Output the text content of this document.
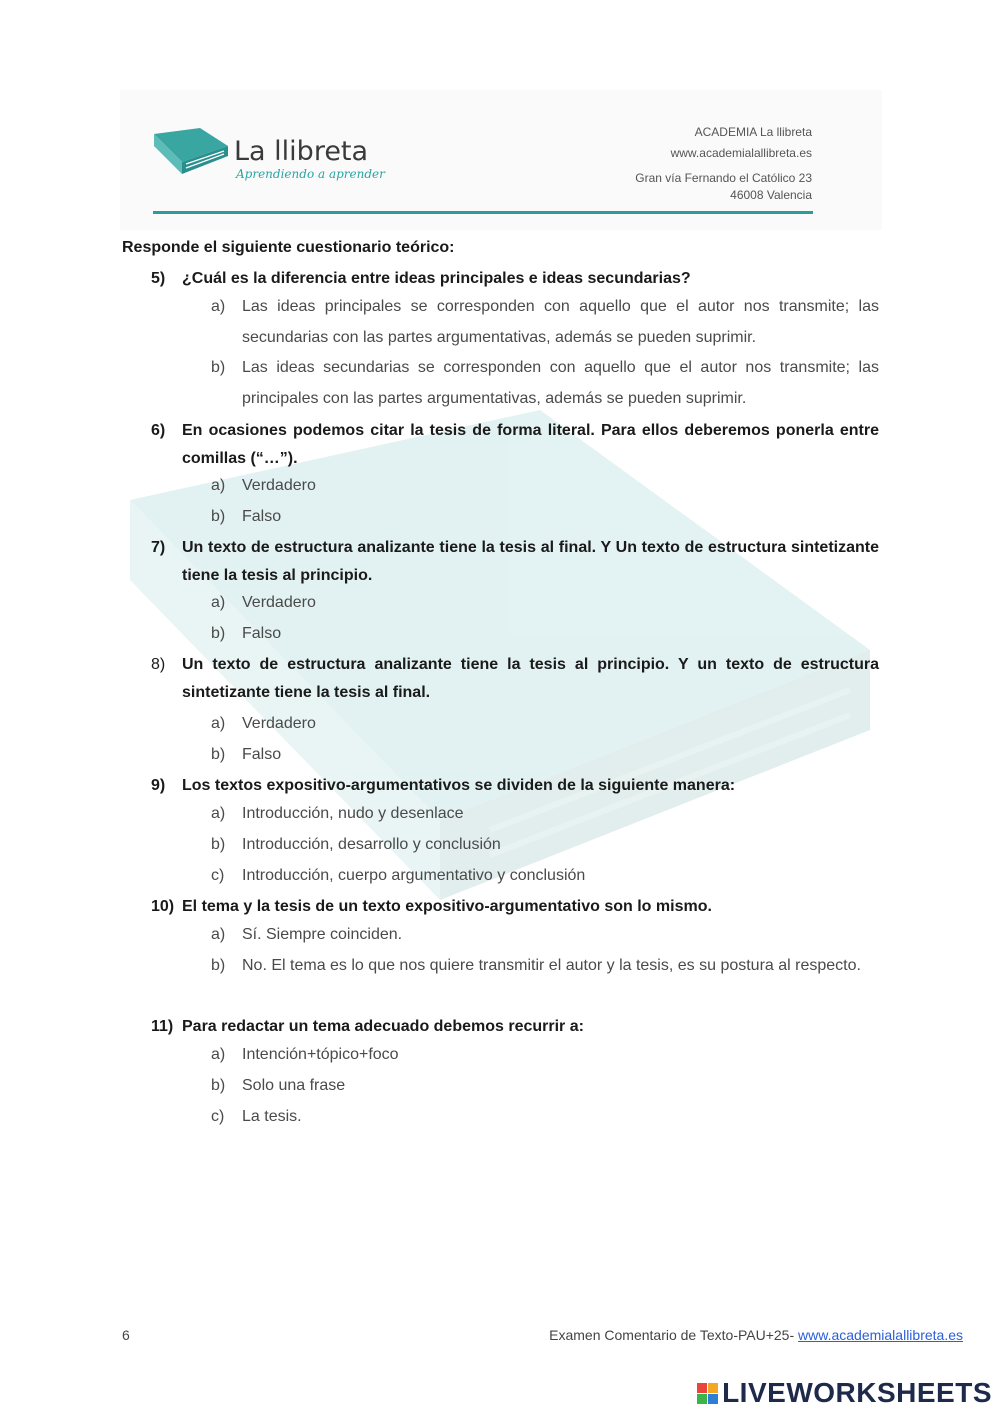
La llibreta
Aprendiendo a aprender
ACADEMIA La llibreta
www.academialallibreta.es
Gran vía Fernando el Católico 23
46008 Valencia
Responde el siguiente cuestionario teórico:
5) ¿Cuál es la diferencia entre ideas principales e ideas secundarias?
a) Las ideas principales se corresponden con aquello que el autor nos transmite; las secundarias con las partes argumentativas, además se pueden suprimir.
b) Las ideas secundarias se corresponden con aquello que el autor nos transmite; las principales con las partes argumentativas, además se pueden suprimir.
6) En ocasiones podemos citar la tesis de forma literal. Para ellos deberemos ponerla entre comillas (“…”).
a) Verdadero
b) Falso
7) Un texto de estructura analizante tiene la tesis al final. Y Un texto de estructura sintetizante tiene la tesis al principio.
a) Verdadero
b) Falso
8) Un texto de estructura analizante tiene la tesis al principio. Y un texto de estructura sintetizante tiene la tesis al final.
a) Verdadero
b) Falso
9) Los textos expositivo-argumentativos se dividen de la siguiente manera:
a) Introducción, nudo y desenlace
b) Introducción, desarrollo y conclusión
c) Introducción, cuerpo argumentativo y conclusión
10) El tema y la tesis de un texto expositivo-argumentativo son lo mismo.
a) Sí. Siempre coinciden.
b) No. El tema es lo que nos quiere transmitir el autor y la tesis, es su postura al respecto.
11) Para redactar un tema adecuado debemos recurrir a:
a) Intención+tópico+foco
b) Solo una frase
c) La tesis.
6	Examen Comentario de Texto-PAU+25- www.academialallibreta.es
LIVEWORKSHEETS
